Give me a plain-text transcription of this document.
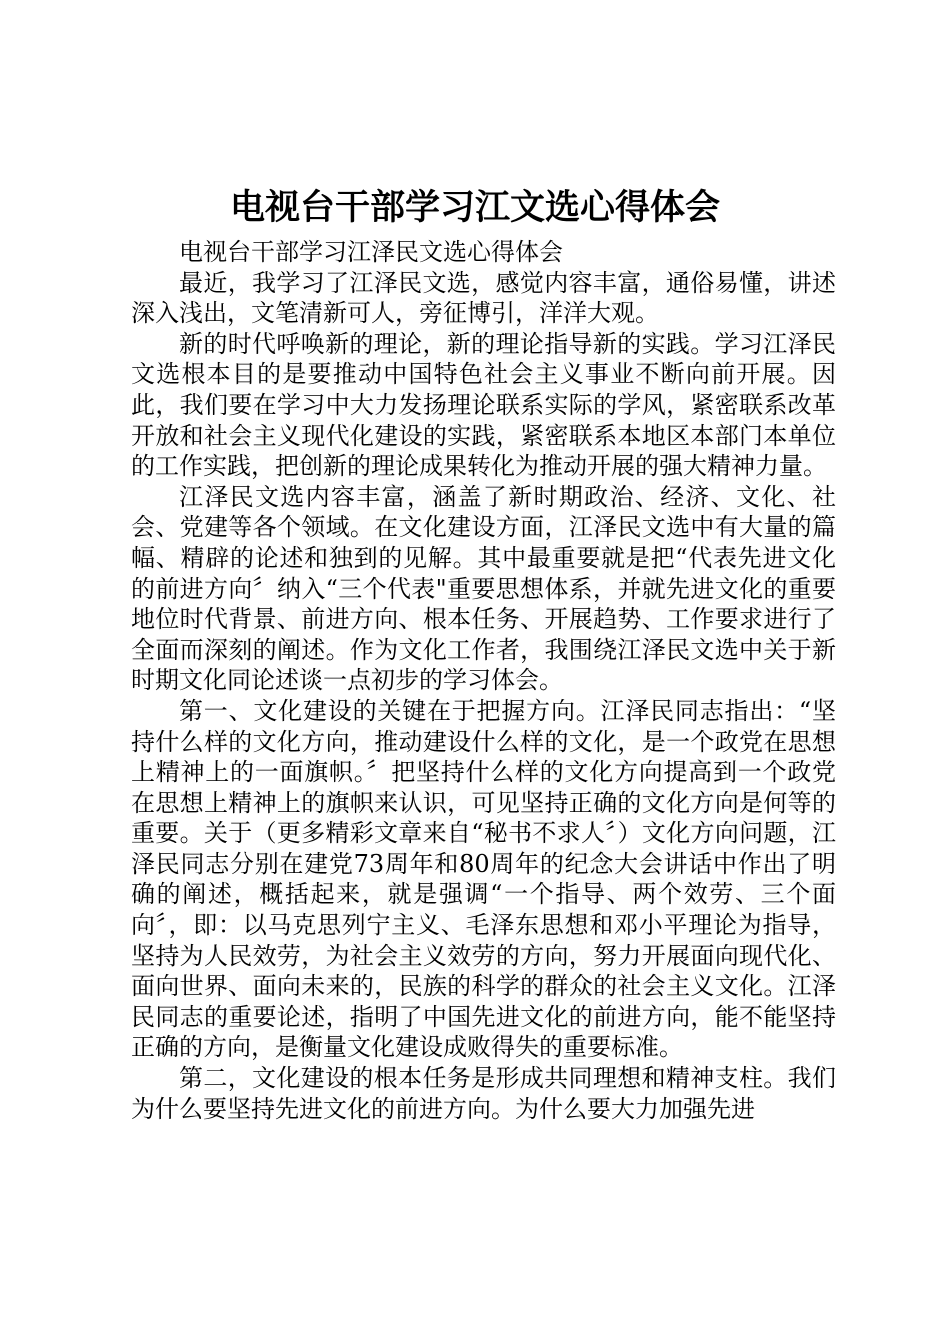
电视台干部学习江文选心得体会

电视台干部学习江泽民文选心得体会

最近，我学习了江泽民文选，感觉内容丰富，通俗易懂，讲述深入浅出，文笔清新可人，旁征博引，洋洋大观。

新的时代呼唤新的理论，新的理论指导新的实践。学习江泽民文选根本目的是要推动中国特色社会主义事业不断向前开展。因此，我们要在学习中大力发扬理论联系实际的学风，紧密联系改革开放和社会主义现代化建设的实践，紧密联系本地区本部门本单位的工作实践，把创新的理论成果转化为推动开展的强大精神力量。

江泽民文选内容丰富，涵盖了新时期政治、经济、文化、社会、党建等各个领域。在文化建设方面，江泽民文选中有大量的篇幅、精辟的论述和独到的见解。其中最重要就是把“代表先进文化的前进方向〞纳入“三个代表"重要思想体系，并就先进文化的重要地位时代背景、前进方向、根本任务、开展趋势、工作要求进行了全面而深刻的阐述。作为文化工作者，我围绕江泽民文选中关于新时期文化同论述谈一点初步的学习体会。

第一、文化建设的关键在于把握方向。江泽民同志指出：“坚持什么样的文化方向，推动建设什么样的文化，是一个政党在思想上精神上的一面旗帜。〞把坚持什么样的文化方向提高到一个政党在思想上精神上的旗帜来认识，可见坚持正确的文化方向是何等的重要。关于（更多精彩文章来自“秘书不求人〞）文化方向问题，江泽民同志分别在建党73周年和80周年的纪念大会讲话中作出了明确的阐述，概括起来，就是强调“一个指导、两个效劳、三个面向〞，即：以马克思列宁主义、毛泽东思想和邓小平理论为指导，坚持为人民效劳，为社会主义效劳的方向，努力开展面向现代化、面向世界、面向未来的，民族的科学的群众的社会主义文化。江泽民同志的重要论述，指明了中国先进文化的前进方向，能不能坚持正确的方向，是衡量文化建设成败得失的重要标准。

第二，文化建设的根本任务是形成共同理想和精神支柱。我们为什么要坚持先进文化的前进方向。为什么要大力加强先进
